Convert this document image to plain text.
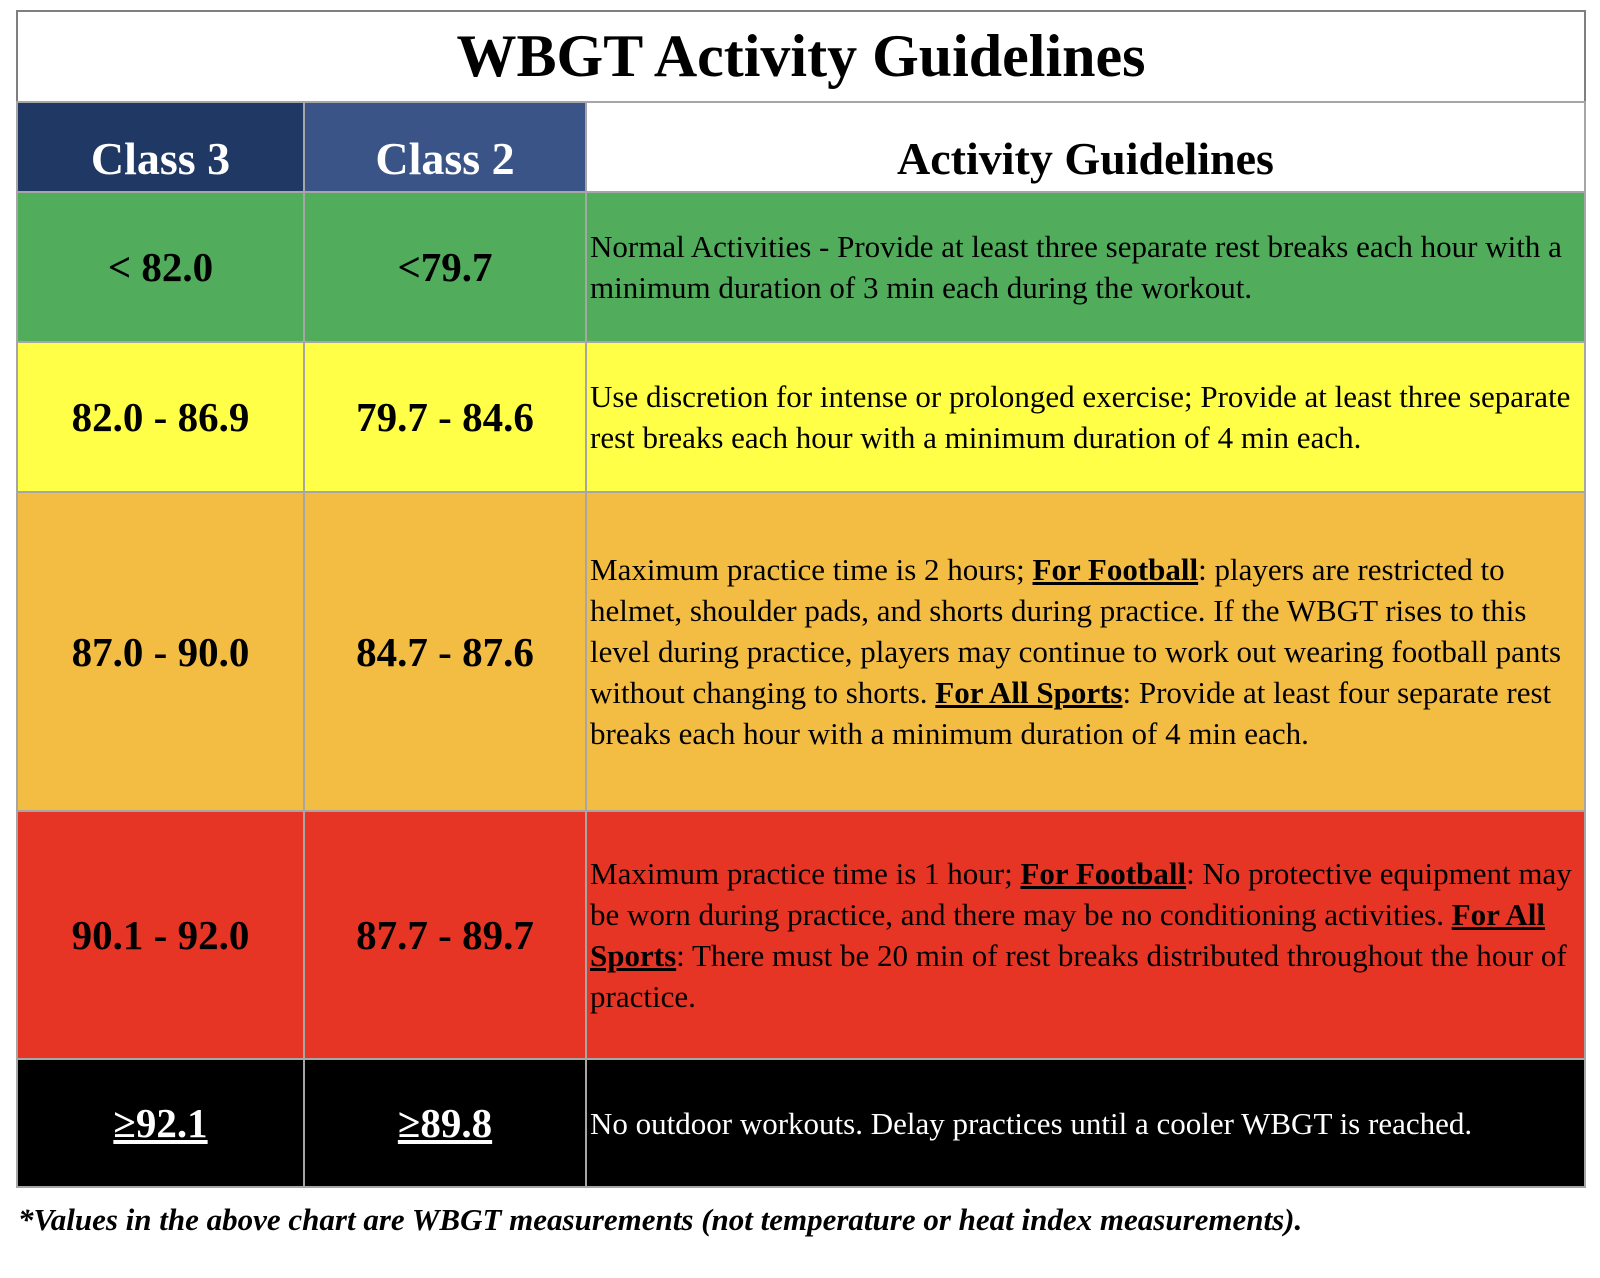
WBGT Activity Guidelines		
Class 3	Class 2	Activity Guidelines
< 82.0	<79.7	Normal Activities - Provide at least three separate rest breaks each hour with a minimum duration of 3 min each during the workout.
82.0 - 86.9	79.7 - 84.6	Use discretion for intense or prolonged exercise; Provide at least three separate rest breaks each hour with a minimum duration of 4 min each.
87.0 - 90.0	84.7 - 87.6	Maximum practice time is 2 hours; For Football: players are restricted to helmet, shoulder pads, and shorts during practice. If the WBGT rises to this level during practice, players may continue to work out wearing football pants without changing to shorts. For All Sports: Provide at least four separate rest breaks each hour with a minimum duration of 4 min each.
90.1 - 92.0	87.7 - 89.7	Maximum practice time is 1 hour; For Football: No protective equipment may be worn during practice, and there may be no conditioning activities. For All Sports: There must be 20 min of rest breaks distributed throughout the hour of practice.
≥92.1	≥89.8	No outdoor workouts. Delay practices until a cooler WBGT is reached.
*Values in the above chart are WBGT measurements (not temperature or heat index measurements).
